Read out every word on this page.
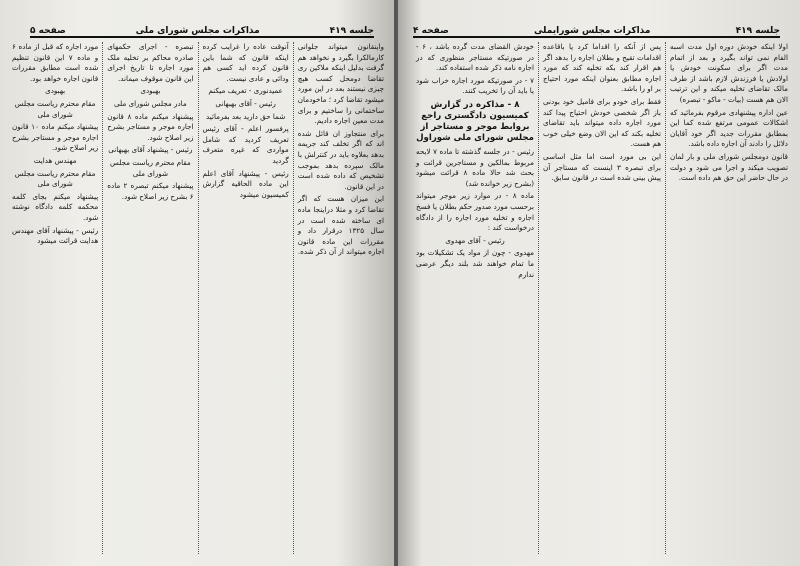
جلسه ۴۱۹
مذاکرات مجلس شورای ملی
صفحه ۵

واینقانون میتواند جلوانی کارمالکرا بگیرد و نخواهد هم گرفت بدلیل اینکه ملاکین ری تقاضا دومحل کسب هیچ چیزی نیستند بعد در این مورد میشود تقاضا کرد ؛ ماخودمان ساختمانی را ساختیم و برای مدت معین اجاره دادیم.

برای منتجاوز ان قائل شده اند که اگر تخلف کند جریمه بدهد بعلاوه باید در کنترلش با مالک سپرده بدهد بموجب تشخیص که داده شده است در این قانون.

این میزان هست که اگر تقاضا کرد و مثلا دراینجا ماده ای ساخته شده است در سال ۱۳۲۵ درقرار داد و مقررات این ماده قانون اجاره میتواند از آن ذکر شده.

آنوقت عاده را غرایب کرده اینکه قانون که شما باین قانون کرده اید کسی هم ودائی و عادی نیست.

عمیدنوری - تعریف میکنم

رئیس - آقای بهبهانی

شما حق دارید بعد بفرمائید

پرفسور اعلم - آقای رئیس تعریف کردید که شامل مواردی که غیره متعرف گردید

رئیس - پیشنهاد آقای اعلم این ماده الحاقیه گزارش کمیسیون میشود

تبصره - اجرای حکمهای صادره محاکم بر تخلیه ملک مورد اجاره تا تاریخ اجرای این قانون موقوف میماند.

بهبودی

مادر مجلس شورای ملی

پیشنهاد میکنم ماده ۸ قانون اجاره موجر و مستاجر بشرح زیر اصلاح شود.

رئیس - پیشنهاد آقای بهبهانی

مقام محترم ریاست مجلس شورای ملی

پیشنهاد میکنم تبصره ۲ ماده ۶ بشرح زیر اصلاح شود.

مورد اجاره که قبل از ماده ۶ و ماده ۷ این قانون تنظیم شده است مطابق مقررات قانون اجاره خواهد بود.

بهبودی

مقام محترم ریاست مجلس شورای ملی

پیشنهاد میکنم ماده ۱۰ قانون اجاره موجر و مستاجر بشرح زیر اصلاح شود.

مهندس هدایت

مقام محترم ریاست مجلس شورای ملی

پیشنهاد میکنم بجای کلمه محکمه کلمه دادگاه نوشته شود.

رئیس - پیشنهاد آقای مهندس هدایت قرائت میشود

جلسه ۴۱۹
مذاکرات مجلس شورایملی
صفحه ۴

اولا اینکه خودش دوره اول مدت اسبه الفام نمی تواند بگیرد و بعد از اتمام مدت اگر برای سکونت خودش یا اولادش یا فرزندش لازم باشد از طرف مالک تقاضای تخلیه میکند و این ترتیب الان هم هست (بیات - ماکو - تبصره)

عین اداره پیشنهادی مرقوم بفرمائید که اشکالات عمومی مرتفع شده کما این بمطابق مقررات جدید اگر خود آقایان دلائل را دادند آن اجاره داده باشد.

قانون دومجلس شورای ملی و بار لمان تصویب میکند و اجرا می شود و دولت در حال حاضر این حق هم داده است.

پس از آنکه را اقداما کرد یا باقاعده اقدامات تقیح و بطلان اجاره را بدهد اگر هم اقرار کند بکه تخلیه کند که مورد اجاره مطابق بعنوان اینکه مورد احتیاج بر او را باشد.

فقط برای خودو برای فامیل خود بودنی باز اگر شخصی خودش احتیاج پیدا کند مورد اجاره داده میتواند باید تقاضای تخلیه بکند که این الان وضع خیلی خوب هم هست.

این بی مورد است اما مثل اساسی برای تبصره ۳ اینست که مستاجر آن پیش بینی شده است در قانون سابق.

خودش القضای مدت گرده باشد ، ۶ - در صورتیکه مستاجر منظوری که در اجاره نامه ذکر شده استفاده کند.

۷ - در صورتیکه مورد اجاره خراب شود یا باید آن را تخریب کنند.

۸ - مذاکره در گزارش کمیسیون دادگستری راجع بروابط موجر و مستاجر از مجلس شورای ملی شوراول

رئیس - در جلسه گذشته تا ماده ۷ لایحه مربوط بمالکین و مستاجرین قرائت و بحث شد حالا ماده ۸ قرائت میشود (بشرح زیر خوانده شد)

ماده ۸ - در موارد زیر موجر میتواند برحسب مورد صدور حکم بطلان یا فسخ اجاره و تخلیه مورد اجاره را از دادگاه درخواست کند :

رئیس - آقای مهدوی

مهدوی - چون از مواد یک تشکیلات بود ما تمام خواهند شد بلند دیگر عرضی ندارم
